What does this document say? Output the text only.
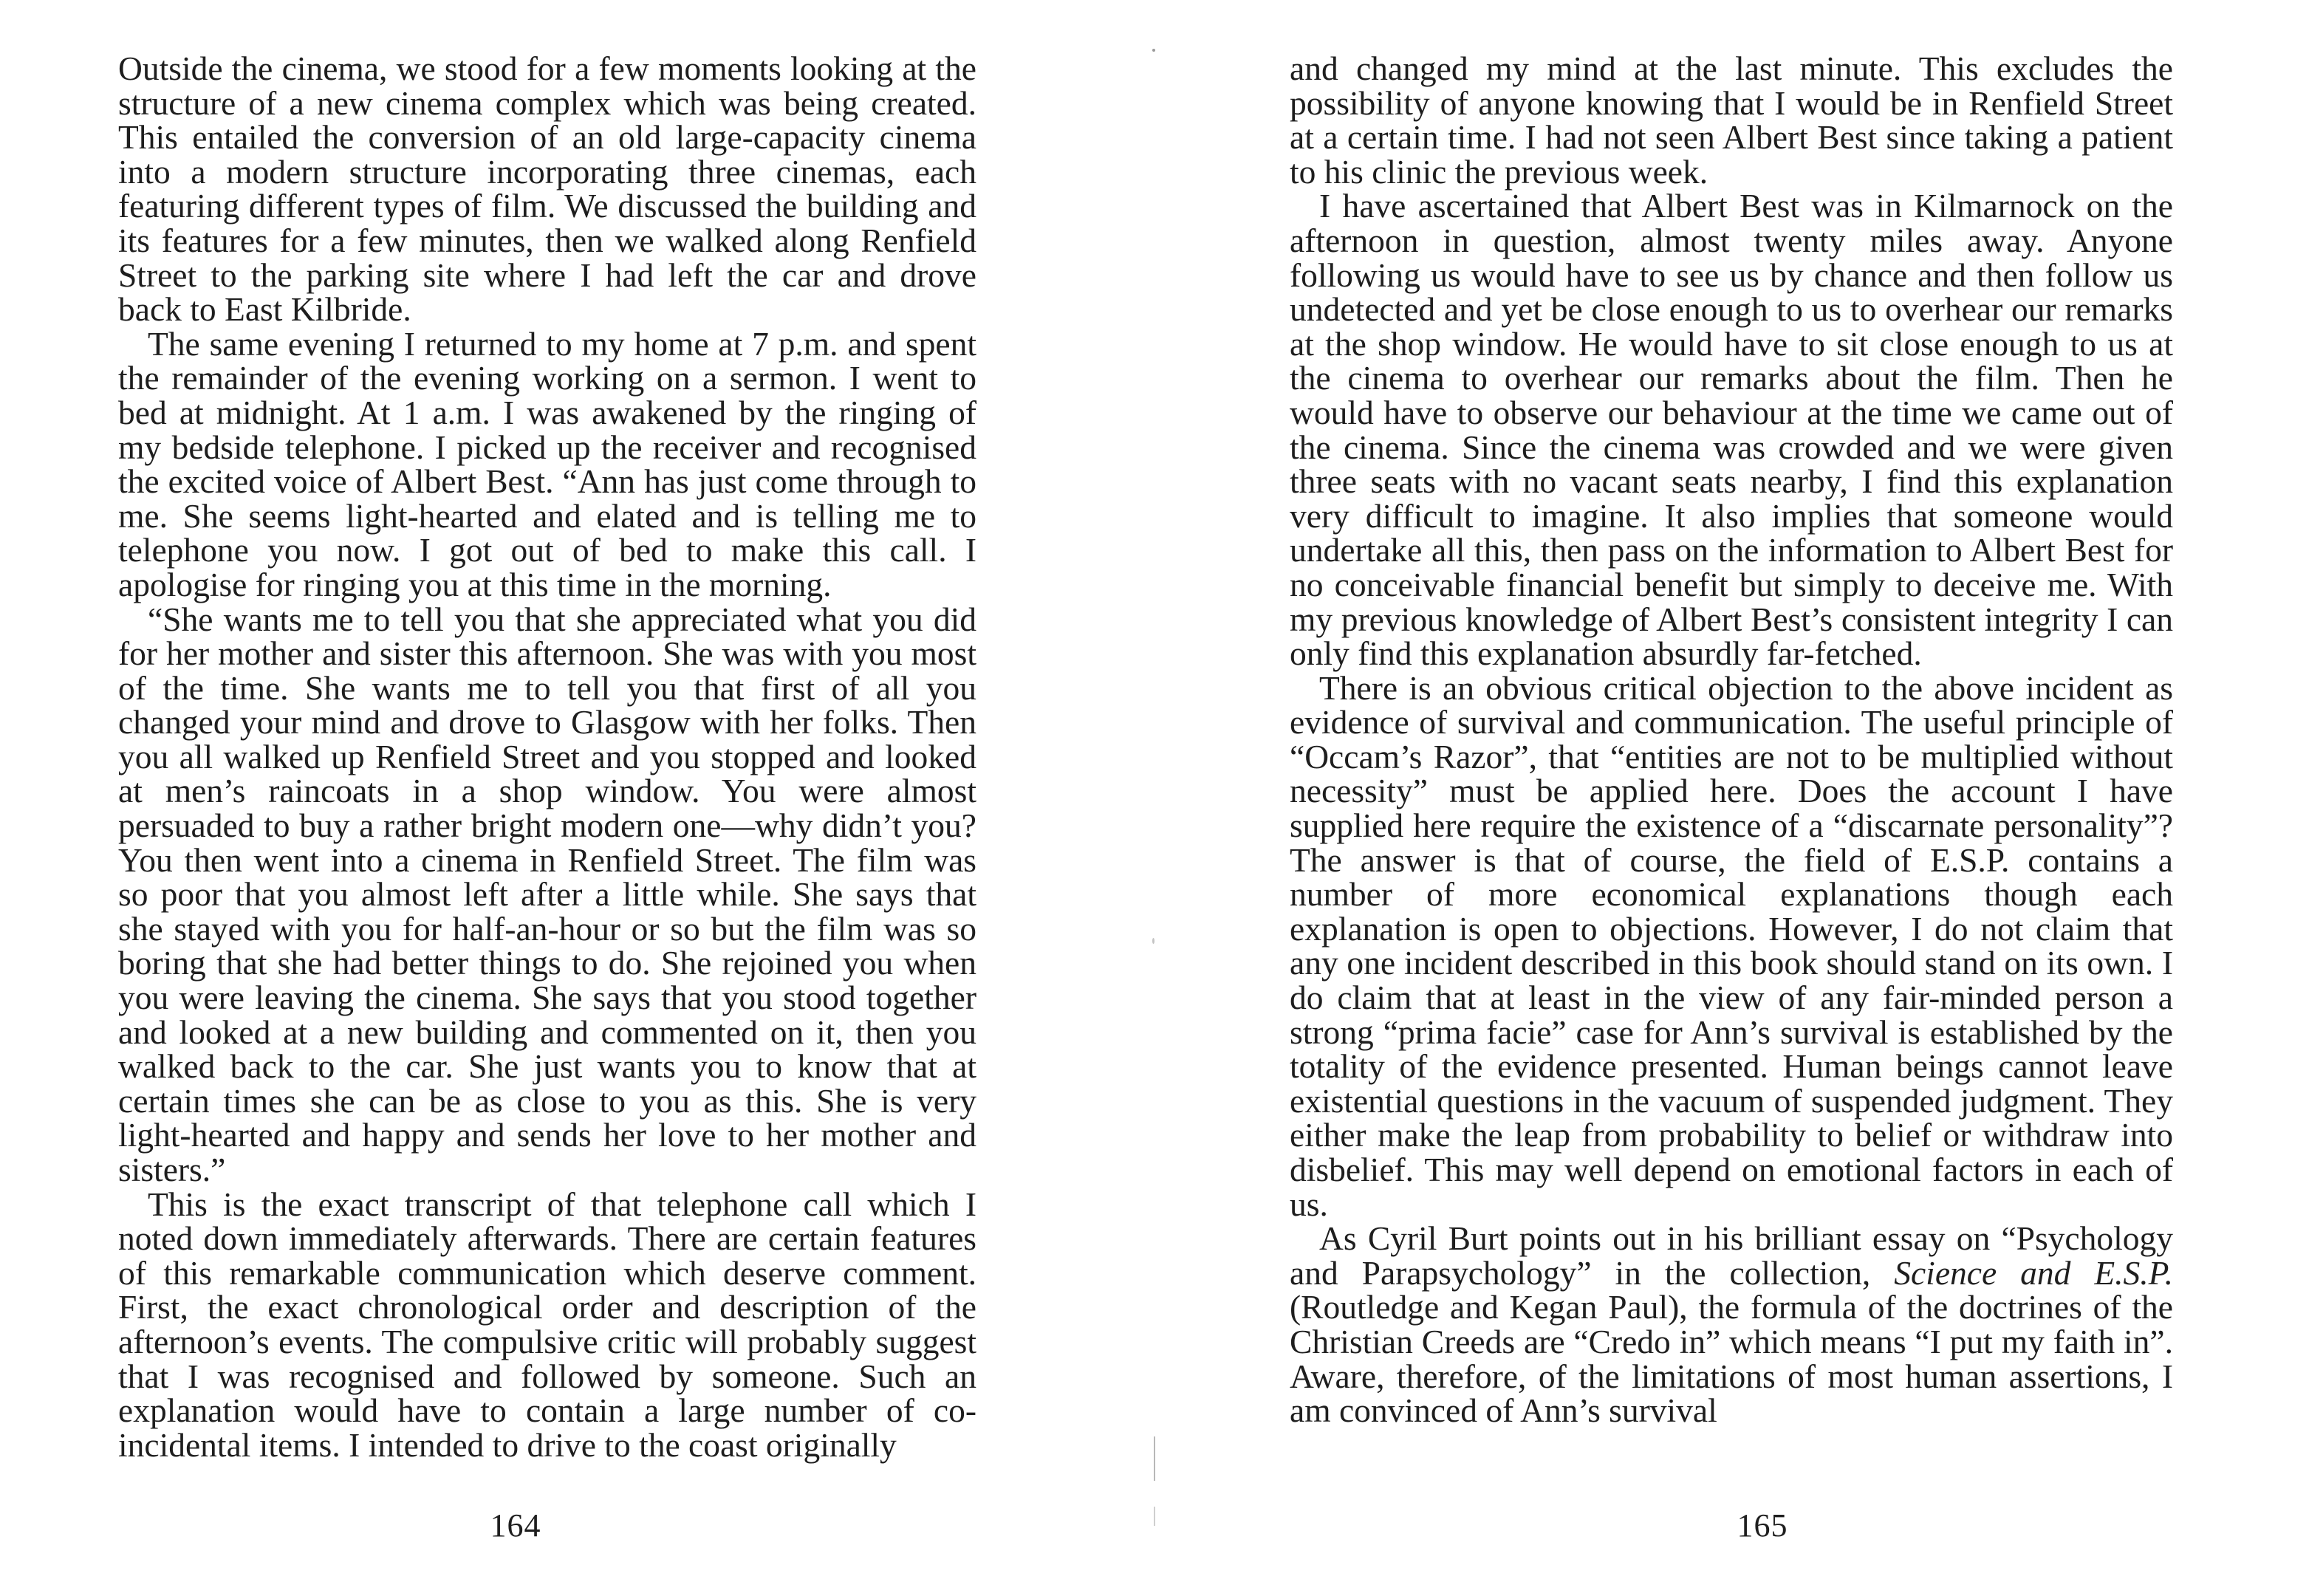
Outside the cinema, we stood for a few moments looking at the structure of a new cinema complex which was being created. This entailed the conversion of an old large-capacity cinema into a modern structure incorporating three cinemas, each featuring different types of film. We discussed the building and its features for a few minutes, then we walked along Renfield Street to the parking site where I had left the car and drove back to East Kilbride.

The same evening I returned to my home at 7 p.m. and spent the remainder of the evening working on a sermon. I went to bed at midnight. At 1 a.m. I was awakened by the ringing of my bedside telephone. I picked up the receiver and recognised the excited voice of Albert Best. “Ann has just come through to me. She seems light-hearted and elated and is telling me to telephone you now. I got out of bed to make this call. I apologise for ringing you at this time in the morning.

“She wants me to tell you that she appreciated what you did for her mother and sister this afternoon. She was with you most of the time. She wants me to tell you that first of all you changed your mind and drove to Glasgow with her folks. Then you all walked up Renfield Street and you stopped and looked at men’s raincoats in a shop window. You were almost persuaded to buy a rather bright modern one—why didn’t you? You then went into a cinema in Renfield Street. The film was so poor that you almost left after a little while. She says that she stayed with you for half-an-hour or so but the film was so boring that she had better things to do. She rejoined you when you were leaving the cinema. She says that you stood together and looked at a new building and commented on it, then you walked back to the car. She just wants you to know that at certain times she can be as close to you as this. She is very light-hearted and happy and sends her love to her mother and sisters.”

This is the exact transcript of that telephone call which I noted down immediately afterwards. There are certain features of this remarkable communication which deserve comment. First, the exact chronological order and description of the afternoon’s events. The compulsive critic will probably suggest that I was recognised and followed by someone. Such an explanation would have to contain a large number of co-incidental items. I intended to drive to the coast originally

164

and changed my mind at the last minute. This excludes the possibility of anyone knowing that I would be in Renfield Street at a certain time. I had not seen Albert Best since taking a patient to his clinic the previous week.

I have ascertained that Albert Best was in Kilmarnock on the afternoon in question, almost twenty miles away. Anyone following us would have to see us by chance and then follow us undetected and yet be close enough to us to overhear our remarks at the shop window. He would have to sit close enough to us at the cinema to overhear our remarks about the film. Then he would have to observe our behaviour at the time we came out of the cinema. Since the cinema was crowded and we were given three seats with no vacant seats nearby, I find this explanation very difficult to imagine. It also implies that someone would undertake all this, then pass on the information to Albert Best for no conceivable financial benefit but simply to deceive me. With my previous knowledge of Albert Best’s consistent integrity I can only find this explanation absurdly far-fetched.

There is an obvious critical objection to the above incident as evidence of survival and communication. The useful principle of “Occam’s Razor”, that “entities are not to be multiplied without necessity” must be applied here. Does the account I have supplied here require the existence of a “discarnate personality”? The answer is that of course, the field of E.S.P. contains a number of more economical explanations though each explanation is open to objections. However, I do not claim that any one incident described in this book should stand on its own. I do claim that at least in the view of any fair-minded person a strong “prima facie” case for Ann’s survival is established by the totality of the evidence presented. Human beings cannot leave existential questions in the vacuum of suspended judgment. They either make the leap from probability to belief or withdraw into disbelief. This may well depend on emotional factors in each of us.

As Cyril Burt points out in his brilliant essay on “Psychology and Parapsychology” in the collection, Science and E.S.P. (Routledge and Kegan Paul), the formula of the doctrines of the Christian Creeds are “Credo in” which means “I put my faith in”. Aware, therefore, of the limitations of most human assertions, I am convinced of Ann’s survival

165
